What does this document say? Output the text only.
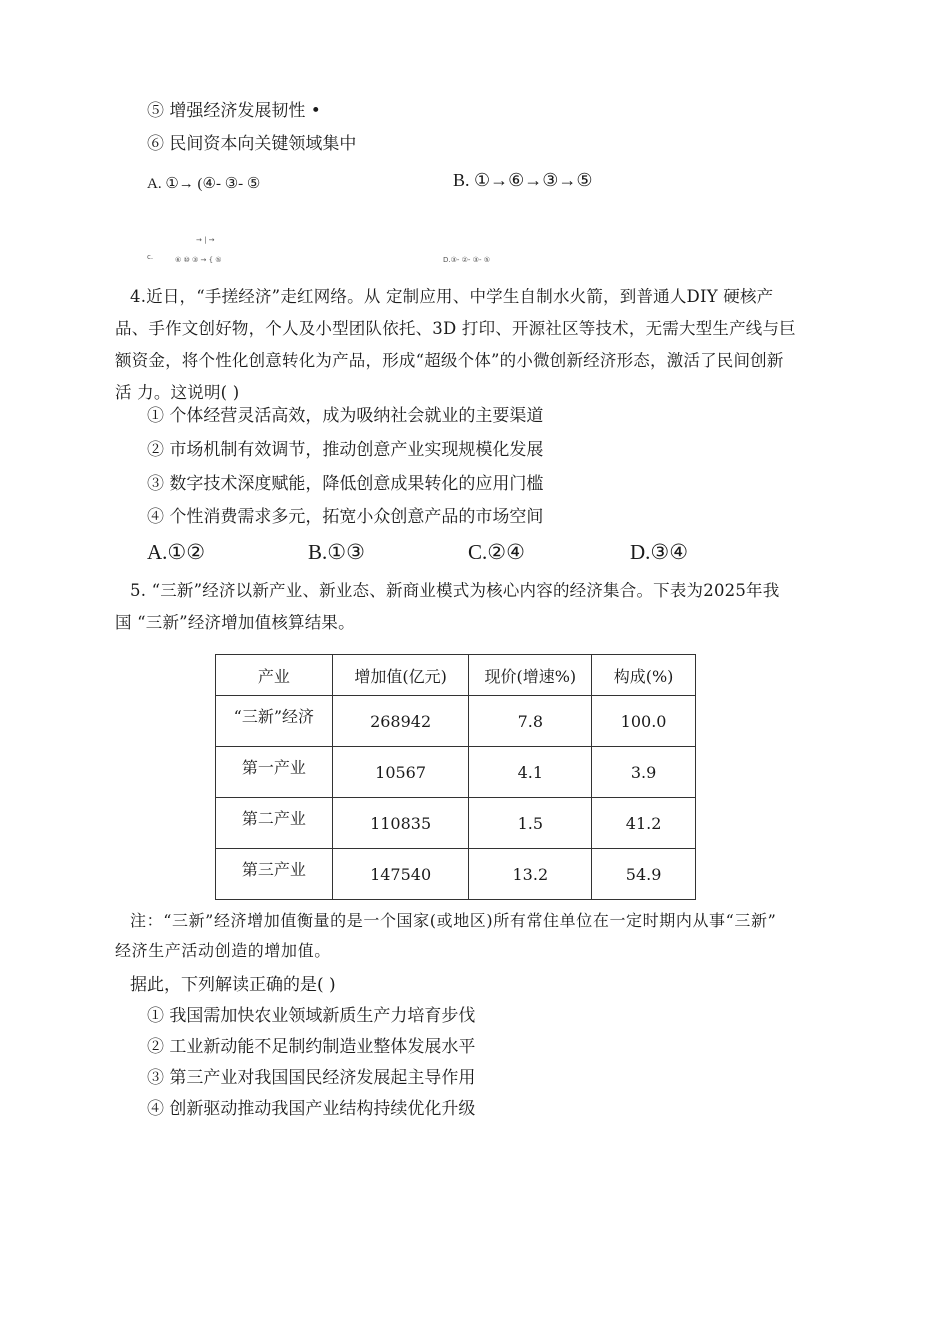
⑤ 增强经济发展韧性 •
⑥ 民间资本向关键领域集中
A. ①→ (④- ③- ⑤	B. ①→⑥→③→⑤
→ | →
c.	⑥ ⑩ ③ → { ⑤	D.③- ②- ③- ⑤
4.近日，“手搓经济”走红网络。从 定制应用、中学生自制水火箭，到普通人DIY 硬核产
品、手作文创好物，个人及小型团队依托、3D 打印、开源社区等技术，无需大型生产线与巨
额资金，将个性化创意转化为产品，形成“超级个体”的小微创新经济形态，激活了民间创新
活 力。这说明( )
① 个体经营灵活高效，成为吸纳社会就业的主要渠道
② 市场机制有效调节，推动创意产业实现规模化发展
③ 数字技术深度赋能，降低创意成果转化的应用门槛
④ 个性消费需求多元，拓宽小众创意产品的市场空间
A.①②	B.①③	C.②④	D.③④
5. “三新”经济以新产业、新业态、新商业模式为核心内容的经济集合。下表为2025年我
国 “三新”经济增加值核算结果。
产业	增加值(亿元)	现价(增速%)	构成(%)
“三新”经济	268942	7.8	100.0
第一产业	10567	4.1	3.9
第二产业	110835	1.5	41.2
第三产业	147540	13.2	54.9
注：“三新”经济增加值衡量的是一个国家(或地区)所有常住单位在一定时期内从事“三新”
经济生产活动创造的增加值。
据此，下列解读正确的是( )
① 我国需加快农业领域新质生产力培育步伐
② 工业新动能不足制约制造业整体发展水平
③ 第三产业对我国国民经济发展起主导作用
④ 创新驱动推动我国产业结构持续优化升级
